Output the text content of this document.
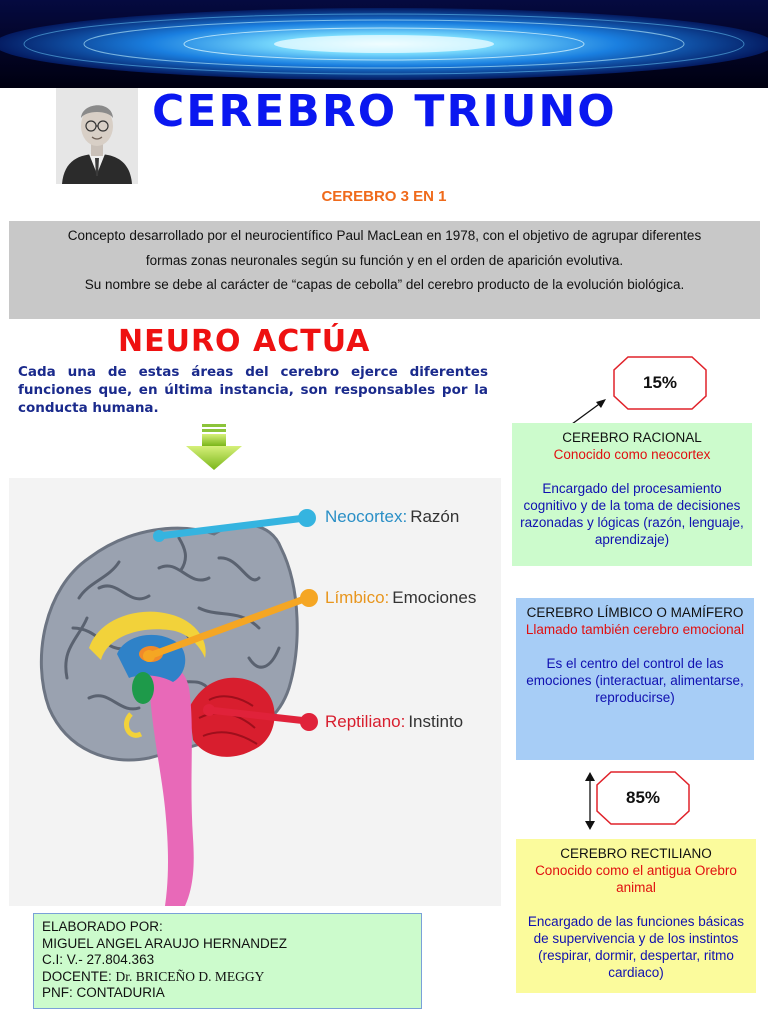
CEREBRO TRIUNO
CEREBRO 3 EN 1

Concepto desarrollado por el neurocientífico Paul MacLean en 1978, con el objetivo de agrupar diferentes

formas zonas neuronales según su función y en el orden de aparición evolutiva.

Su nombre se debe al carácter de “capas de cebolla” del cerebro producto de la evolución biológica.

NEURO ACTÚA
Cada una de estas áreas del cerebro ejerce diferentes funciones que, en última instancia, son responsables por la conducta humana.
Neocortex: Razón
Límbico: Emociones
Reptiliano: Instinto
15%
85%
CEREBRO RACIONAL
Conocido como neocortex
Encargado del procesamiento cognitivo y de la toma de decisiones razonadas y lógicas (razón, lenguaje, aprendizaje)
CEREBRO LÍMBICO O MAMÍFERO
Llamado también cerebro emocional
Es el centro del control de las emociones (interactuar, alimentarse, reproducirse)
CEREBRO RECTILIANO
Conocido como el antigua Orebro animal
Encargado de las funciones básicas de supervivencia y de los instintos (respirar, dormir, despertar, ritmo cardiaco)
ELABORADO POR:
MIGUEL ANGEL ARAUJO HERNANDEZ
C.I: V.- 27.804.363
DOCENTE: Dr. BRICEÑO D. MEGGY
PNF: CONTADURIA
